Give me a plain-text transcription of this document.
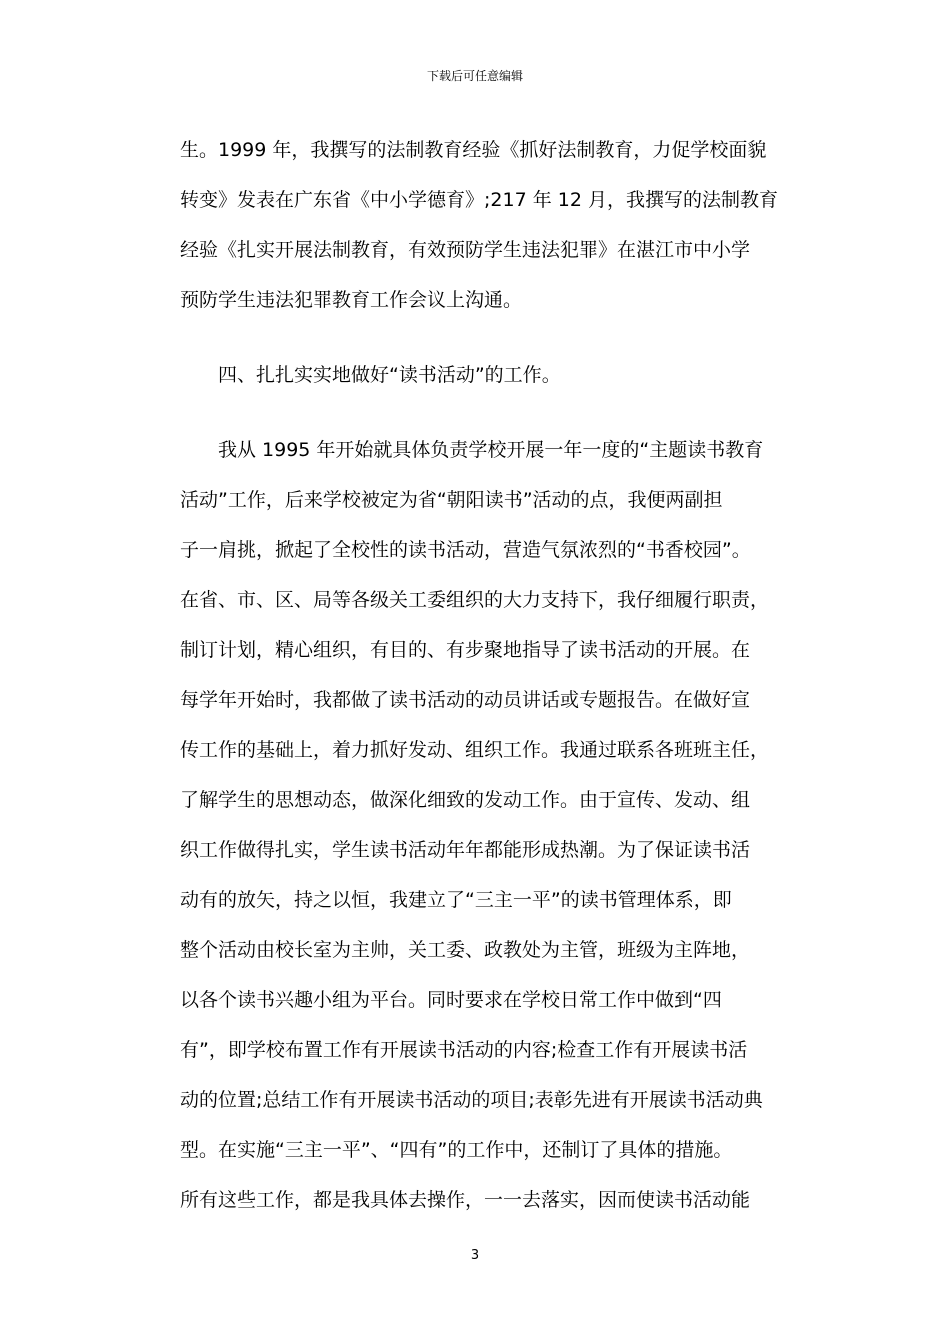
下载后可任意编辑
生。1999 年，我撰写的法制教育经验《抓好法制教育，力促学校面貌
转变》发表在广东省《中小学德育》;217 年 12 月，我撰写的法制教育
经验《扎实开展法制教育，有效预防学生违法犯罪》在湛江市中小学
预防学生违法犯罪教育工作会议上沟通。
四、扎扎实实地做好“读书活动”的工作。
我从 1995 年开始就具体负责学校开展一年一度的“主题读书教育
活动”工作，后来学校被定为省“朝阳读书”活动的点，我便两副担
子一肩挑，掀起了全校性的读书活动，营造气氛浓烈的“书香校园”。
在省、市、区、局等各级关工委组织的大力支持下，我仔细履行职责，
制订计划，精心组织，有目的、有步聚地指导了读书活动的开展。在
每学年开始时，我都做了读书活动的动员讲话或专题报告。在做好宣
传工作的基础上，着力抓好发动、组织工作。我通过联系各班班主任，
了解学生的思想动态，做深化细致的发动工作。由于宣传、发动、组
织工作做得扎实，学生读书活动年年都能形成热潮。为了保证读书活
动有的放矢，持之以恒，我建立了“三主一平”的读书管理体系，即
整个活动由校长室为主帅，关工委、政教处为主管，班级为主阵地，
以各个读书兴趣小组为平台。同时要求在学校日常工作中做到“四
有”，即学校布置工作有开展读书活动的内容;检查工作有开展读书活
动的位置;总结工作有开展读书活动的项目;表彰先进有开展读书活动典
型。在实施“三主一平”、“四有”的工作中，还制订了具体的措施。
所有这些工作，都是我具体去操作，一一去落实，因而使读书活动能
3
